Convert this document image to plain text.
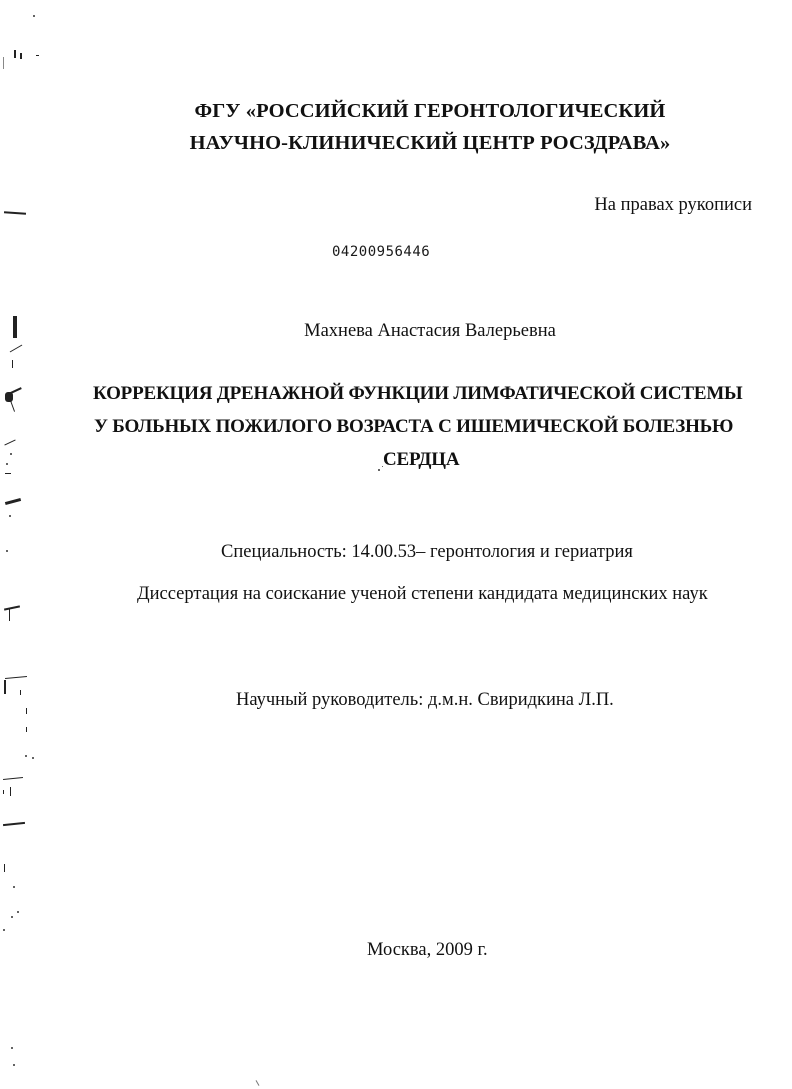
ФГУ «РОССИЙСКИЙ ГЕРОНТОЛОГИЧЕСКИЙ
НАУЧНО-КЛИНИЧЕСКИЙ ЦЕНТР РОСЗДРАВА»
На правах рукописи
04200956446
Махнева Анастасия Валерьевна
КОРРЕКЦИЯ ДРЕНАЖНОЙ ФУНКЦИИ ЛИМФАТИЧЕСКОЙ СИСТЕМЫ
У БОЛЬНЫХ ПОЖИЛОГО ВОЗРАСТА С ИШЕМИЧЕСКОЙ БОЛЕЗНЬЮ
СЕРДЦА
Специальность: 14.00.53– геронтология и гериатрия
Диссертация на соискание ученой степени кандидата медицинских наук
Научный руководитель: д.м.н. Свиридкина Л.П.
Москва, 2009 г.
